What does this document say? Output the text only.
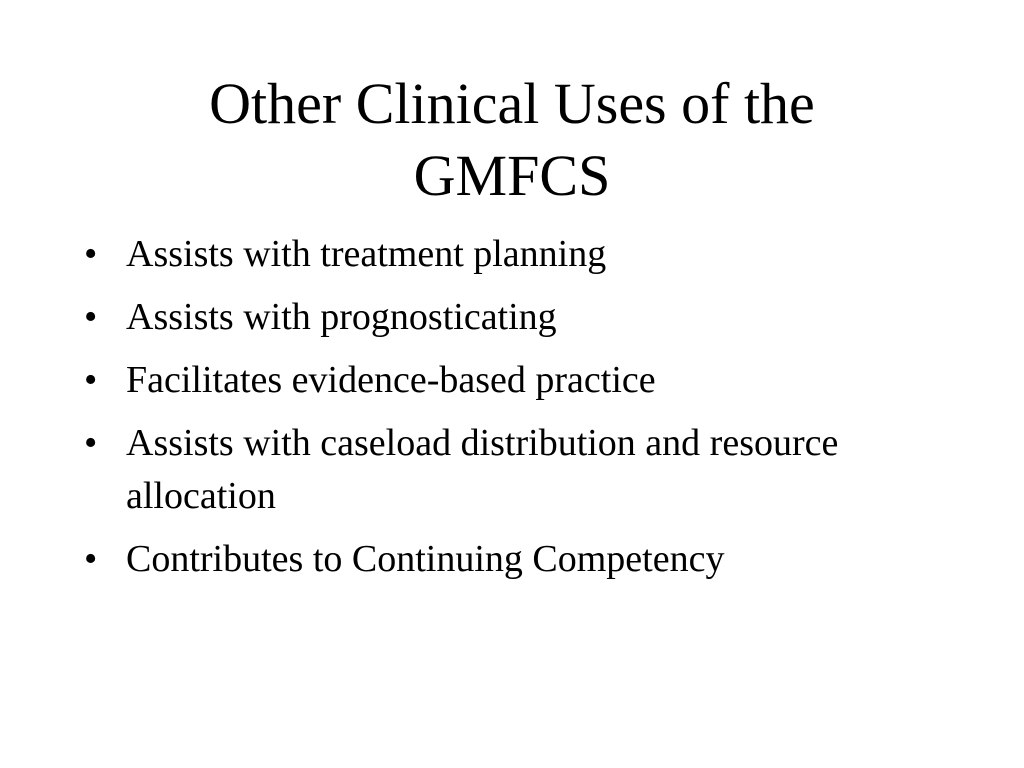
Other Clinical Uses of the
GMFCS
• Assists with treatment planning
• Assists with prognosticating
• Facilitates evidence-based practice
• Assists with caseload distribution and resource allocation
• Contributes to Continuing Competency
